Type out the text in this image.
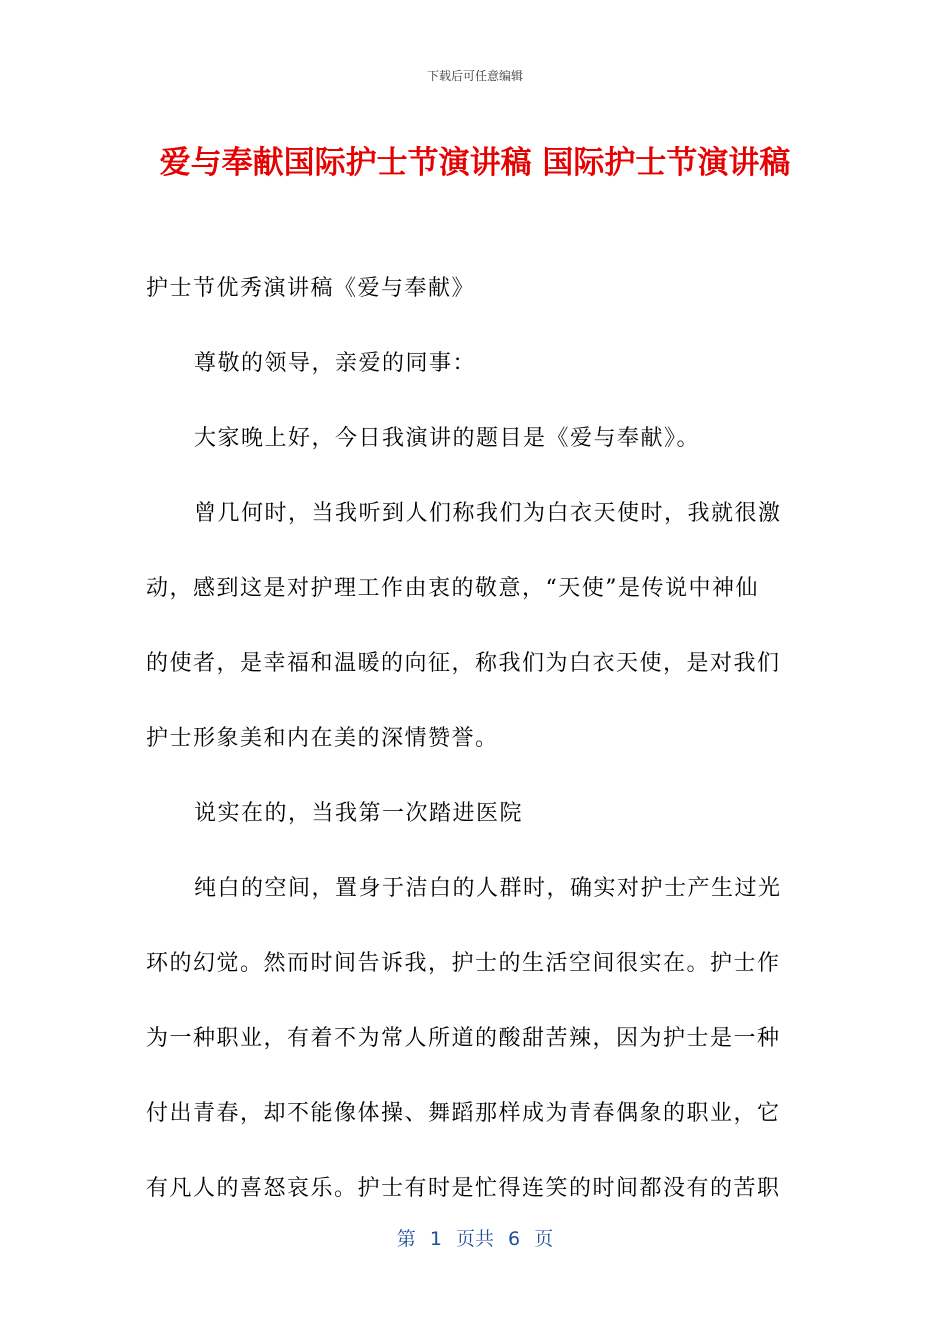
下载后可任意编辑
爱与奉献国际护士节演讲稿 国际护士节演讲稿

护士节优秀演讲稿《爱与奉献》

尊敬的领导，亲爱的同事：

大家晚上好，今日我演讲的题目是《爱与奉献》。

曾几何时，当我听到人们称我们为白衣天使时，我就很激

动，感到这是对护理工作由衷的敬意，“天使”是传说中神仙

的使者，是幸福和温暖的向征，称我们为白衣天使，是对我们

护士形象美和内在美的深情赞誉。

说实在的，当我第一次踏进医院

纯白的空间，置身于洁白的人群时，确实对护士产生过光

环的幻觉。然而时间告诉我，护士的生活空间很实在。护士作

为一种职业，有着不为常人所道的酸甜苦辣，因为护士是一种

付出青春，却不能像体操、舞蹈那样成为青春偶象的职业，它

有凡人的喜怒哀乐。护士有时是忙得连笑的时间都没有的苦职

第 1 页共 6 页
